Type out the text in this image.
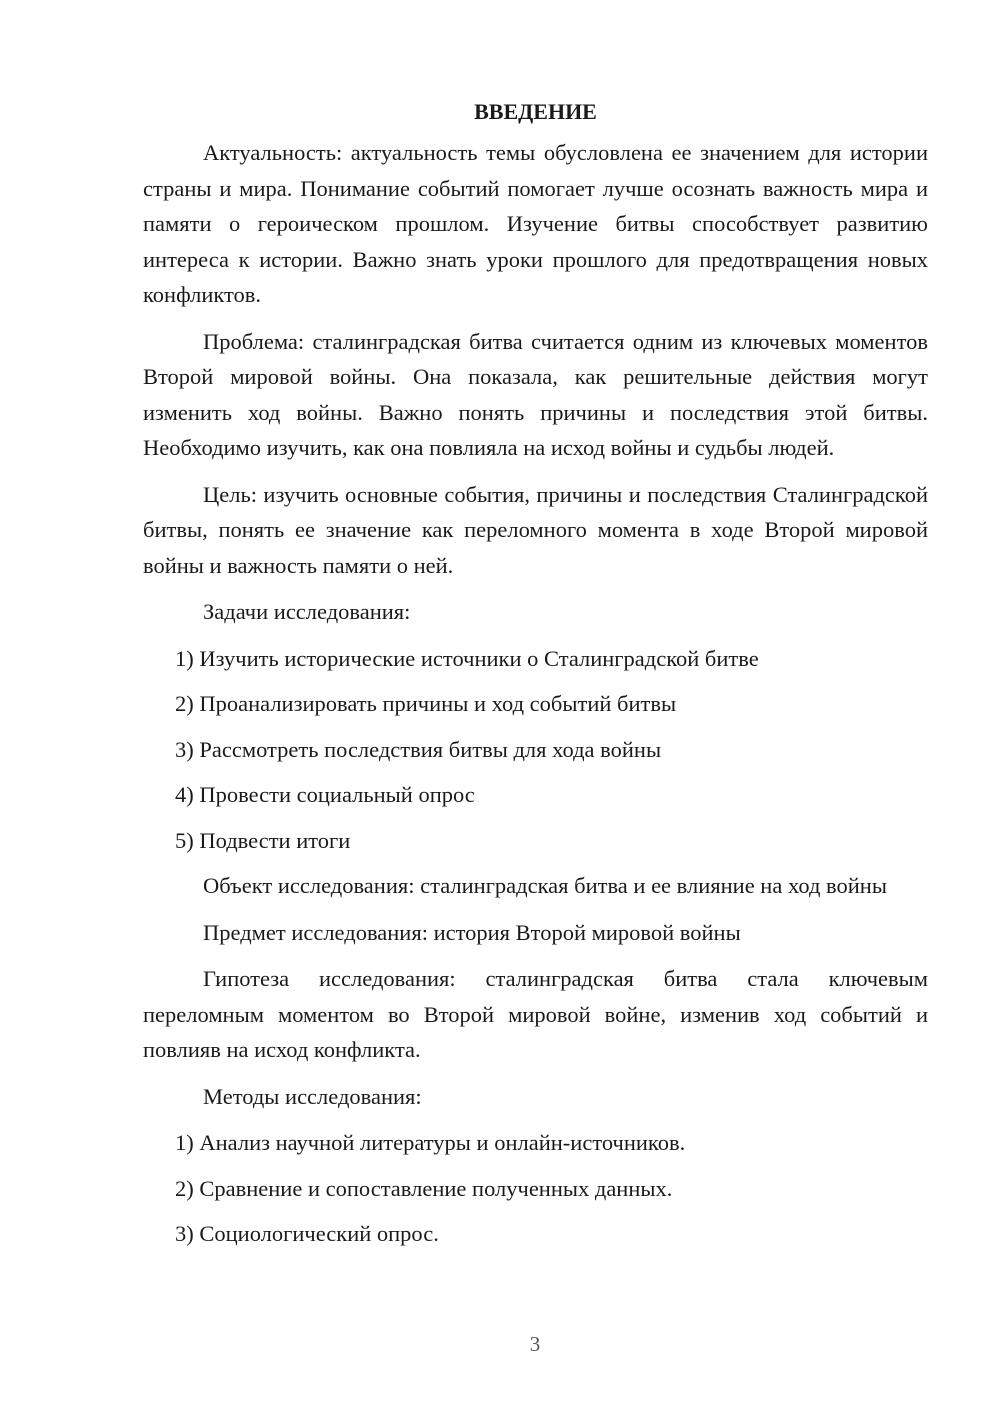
ВВЕДЕНИЕ

Актуальность: актуальность темы обусловлена ее значением для истории страны и мира. Понимание событий помогает лучше осознать важность мира и памяти о героическом прошлом. Изучение битвы способствует развитию интереса к истории. Важно знать уроки прошлого для предотвращения новых конфликтов.

Проблема: сталинградская битва считается одним из ключевых моментов Второй мировой войны. Она показала, как решительные действия могут изменить ход войны. Важно понять причины и последствия этой битвы. Необходимо изучить, как она повлияла на исход войны и судьбы людей.

Цель: изучить основные события, причины и последствия Сталинградской битвы, понять ее значение как переломного момента в ходе Второй мировой войны и важность памяти о ней.

Задачи исследования:

1) Изучить исторические источники о Сталинградской битве
2) Проанализировать причины и ход событий битвы
3) Рассмотреть последствия битвы для хода войны
4) Провести социальный опрос
5) Подвести итоги

Объект исследования: сталинградская битва и ее влияние на ход войны

Предмет исследования: история Второй мировой войны

Гипотеза исследования: сталинградская битва стала ключевым переломным моментом во Второй мировой войне, изменив ход событий и повлияв на исход конфликта.

Методы исследования:

1) Анализ научной литературы и онлайн-источников.
2) Сравнение и сопоставление полученных данных.
3) Социологический опрос.
3
